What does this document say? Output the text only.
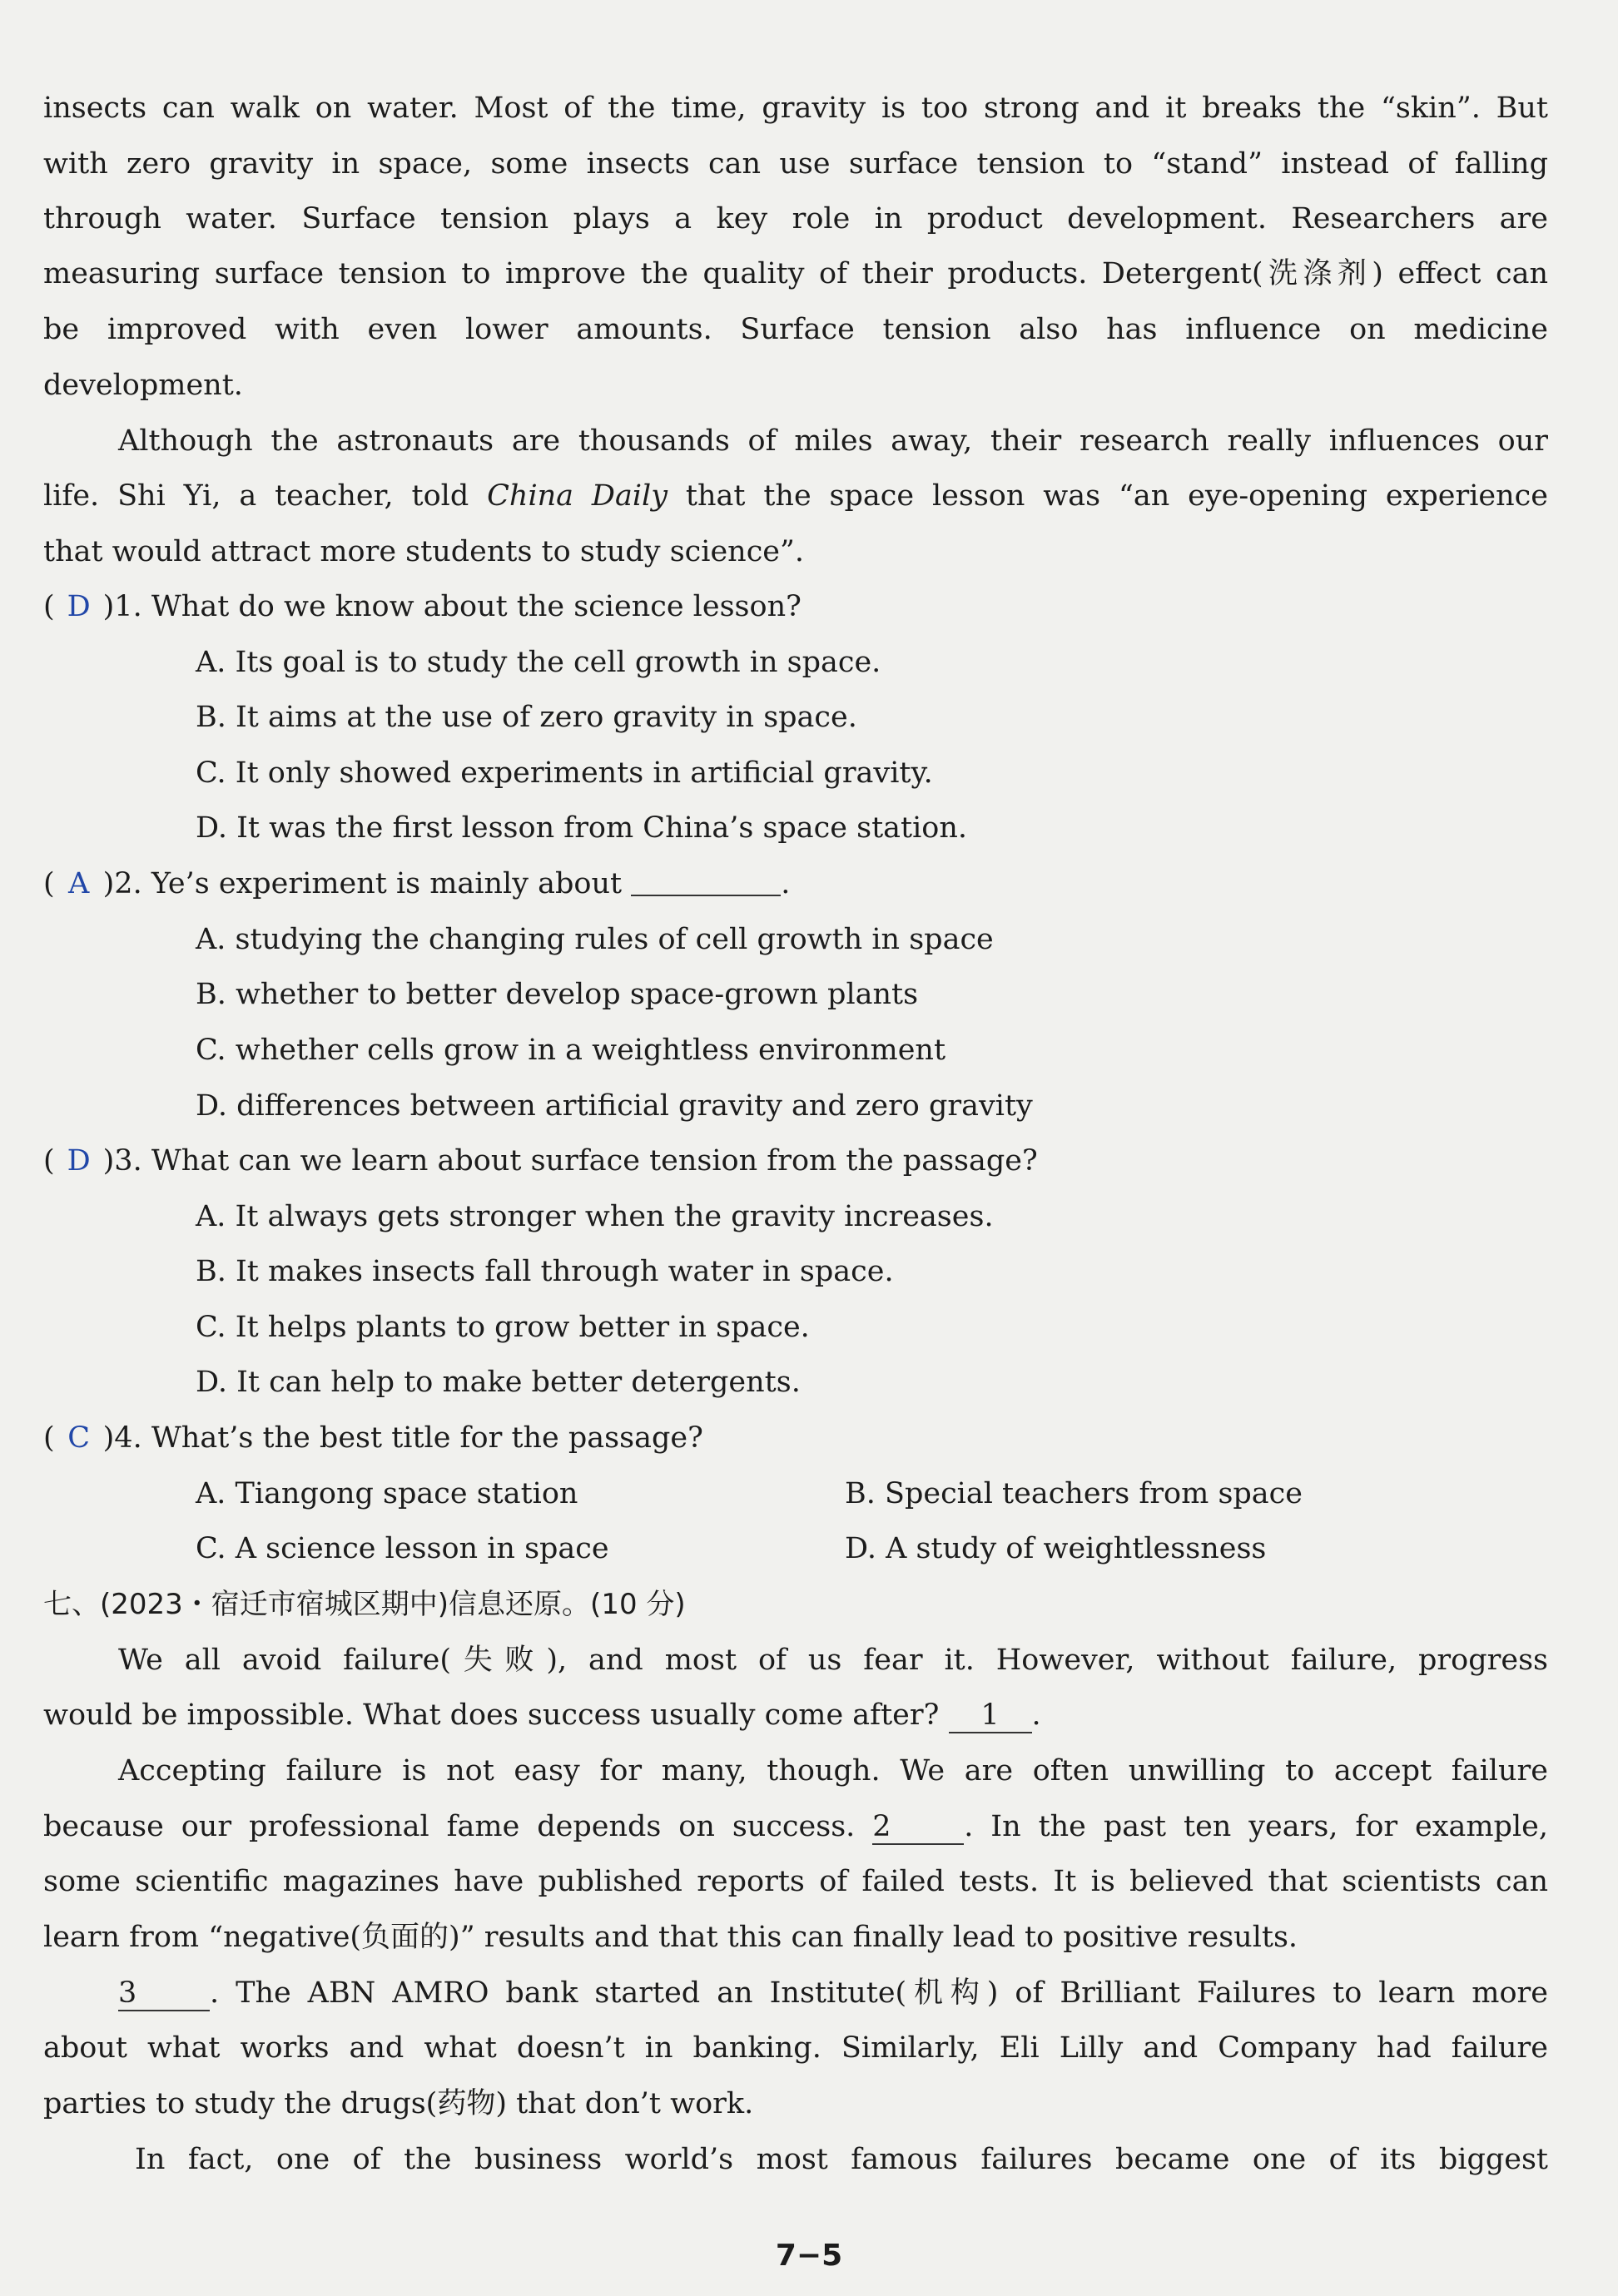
insects can walk on water. Most of the time, gravity is too strong and it breaks the “skin”. But
with zero gravity in space, some insects can use surface tension to “stand” instead of falling
through water. Surface tension plays a key role in product development. Researchers are
measuring surface tension to improve the quality of their products. Detergent(洗涤剂) effect can
be improved with even lower amounts. Surface tension also has influence on medicine
development.
Although the astronauts are thousands of miles away, their research really influences our
life. Shi Yi, a teacher, told China Daily that the space lesson was “an eye-opening experience
that would attract more students to study science”.
( D )1. What do we know about the science lesson?
A. Its goal is to study the cell growth in space.
B. It aims at the use of zero gravity in space.
C. It only showed experiments in artificial gravity.
D. It was the first lesson from China’s space station.
( A )2. Ye’s experiment is mainly about	.
A. studying the changing rules of cell growth in space
B. whether to better develop space-grown plants
C. whether cells grow in a weightless environment
D. differences between artificial gravity and zero gravity
( D )3. What can we learn about surface tension from the passage?
A. It always gets stronger when the gravity increases.
B. It makes insects fall through water in space.
C. It helps plants to grow better in space.
D. It can help to make better detergents.
( C )4. What’s the best title for the passage?
A. Tiangong space station	B. Special teachers from space
C. A science lesson in space	D. A study of weightlessness
七、(2023・宿迁市宿城区期中)信息还原。(10 分)
We all avoid failure(失败), and most of us fear it. However, without failure, progress
would be impossible. What does success usually come after? 1 .
Accepting failure is not easy for many, though. We are often unwilling to accept failure
because our professional fame depends on success. 2	. In the past ten years, for example,
some scientific magazines have published reports of failed tests. It is believed that scientists can
learn from “negative(负面的)” results and that this can finally lead to positive results.
3	. The ABN AMRO bank started an Institute(机构) of Brilliant Failures to learn more
about what works and what doesn’t in banking. Similarly, Eli Lilly and Company had failure
parties to study the drugs(药物) that don’t work.
In fact, one of the business world’s most famous failures became one of its biggest
7−5
